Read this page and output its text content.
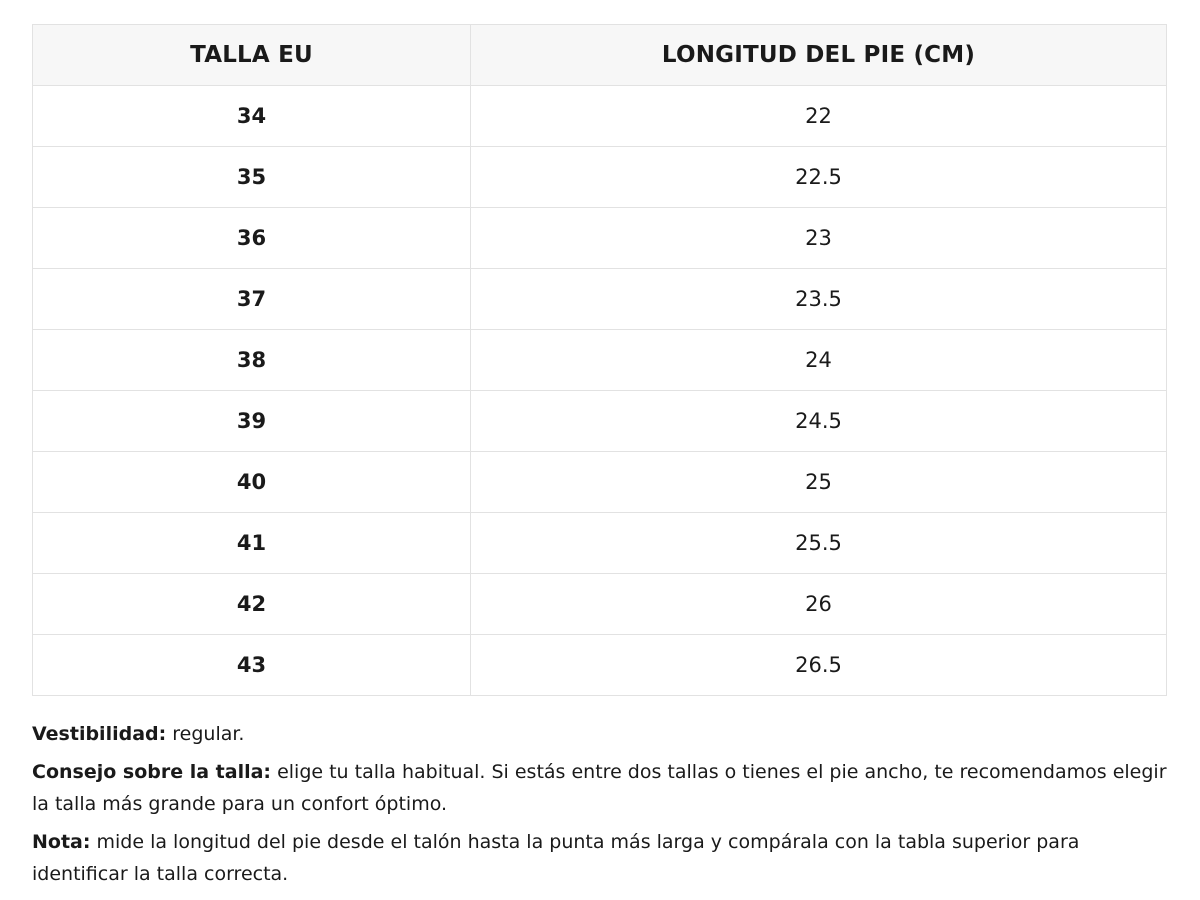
TALLA EU	LONGITUD DEL PIE (CM)
34	22
35	22.5
36	23
37	23.5
38	24
39	24.5
40	25
41	25.5
42	26
43	26.5

Vestibilidad: regular.

Consejo sobre la talla: elige tu talla habitual. Si estás entre dos tallas o tienes el pie ancho, te recomendamos elegir la talla más grande para un confort óptimo.

Nota: mide la longitud del pie desde el talón hasta la punta más larga y compárala con la tabla superior para identificar la talla correcta.
